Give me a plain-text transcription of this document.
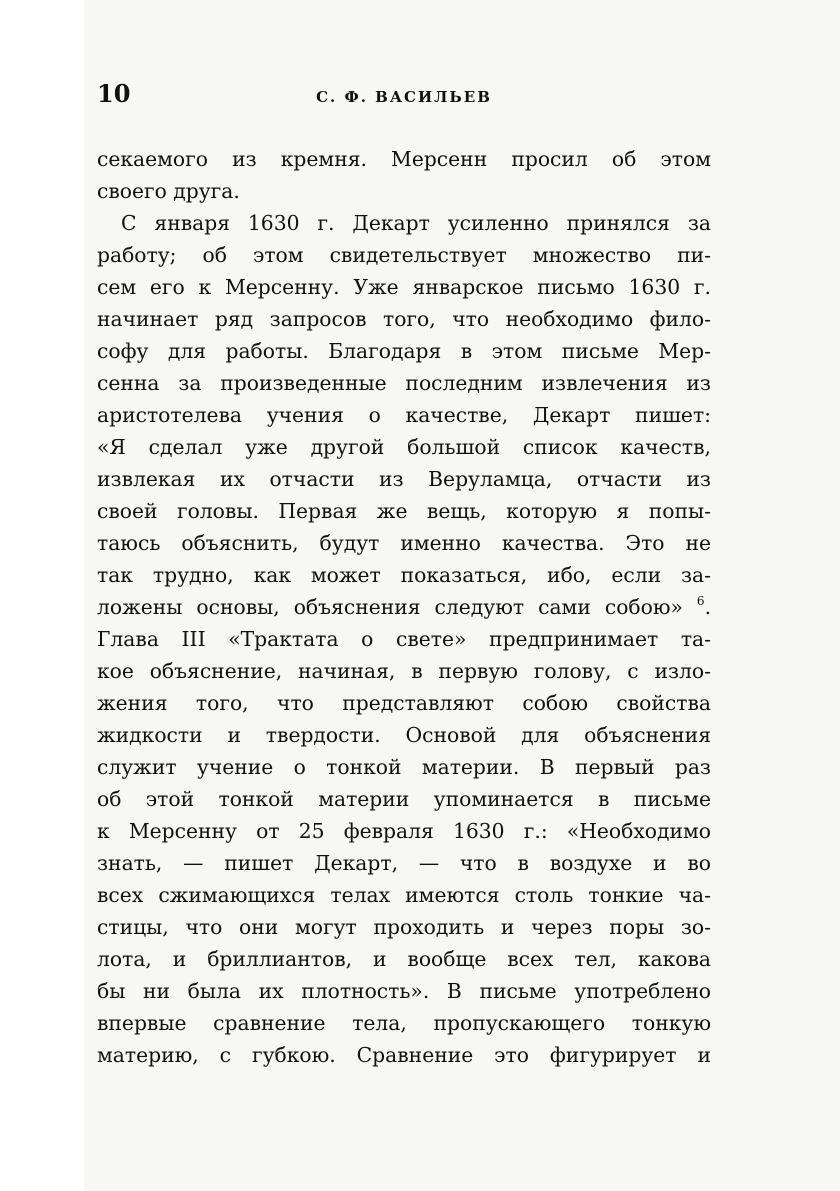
10	С. Ф. ВАСИЛЬЕВ
секаемого из кремня. Мерсенн просил об этом
своего друга.
С января 1630 г. Декарт усиленно принялся за
работу; об этом свидетельствует множество пи-
сем его к Мерсенну. Уже январское письмо 1630 г.
начинает ряд запросов того, что необходимо фило-
софу для работы. Благодаря в этом письме Мер-
сенна за произведенные последним извлечения из
аристотелева учения о качестве, Декарт пишет:
«Я сделал уже другой большой список качеств,
извлекая их отчасти из Веруламца, отчасти из
своей головы. Первая же вещь, которую я попы-
таюсь объяснить, будут именно качества. Это не
так трудно, как может показаться, ибо, если за-
ложены основы, объяснения следуют сами собою» $^6$.
Глава III «Трактата о свете» предпринимает та-
кое объяснение, начиная, в первую голову, с изло-
жения того, что представляют собою свойства
жидкости и твердости. Основой для объяснения
служит учение о тонкой материи. В первый раз
об этой тонкой материи упоминается в письме
к Мерсенну от 25 февраля 1630 г.: «Необходимо
знать, — пишет Декарт, — что в воздухе и во
всех сжимающихся телах имеются столь тонкие ча-
стицы, что они могут проходить и через поры зо-
лота, и бриллиантов, и вообще всех тел, какова
бы ни была их плотность». В письме употреблено
впервые сравнение тела, пропускающего тонкую
материю, с губкою. Сравнение это фигурирует и
